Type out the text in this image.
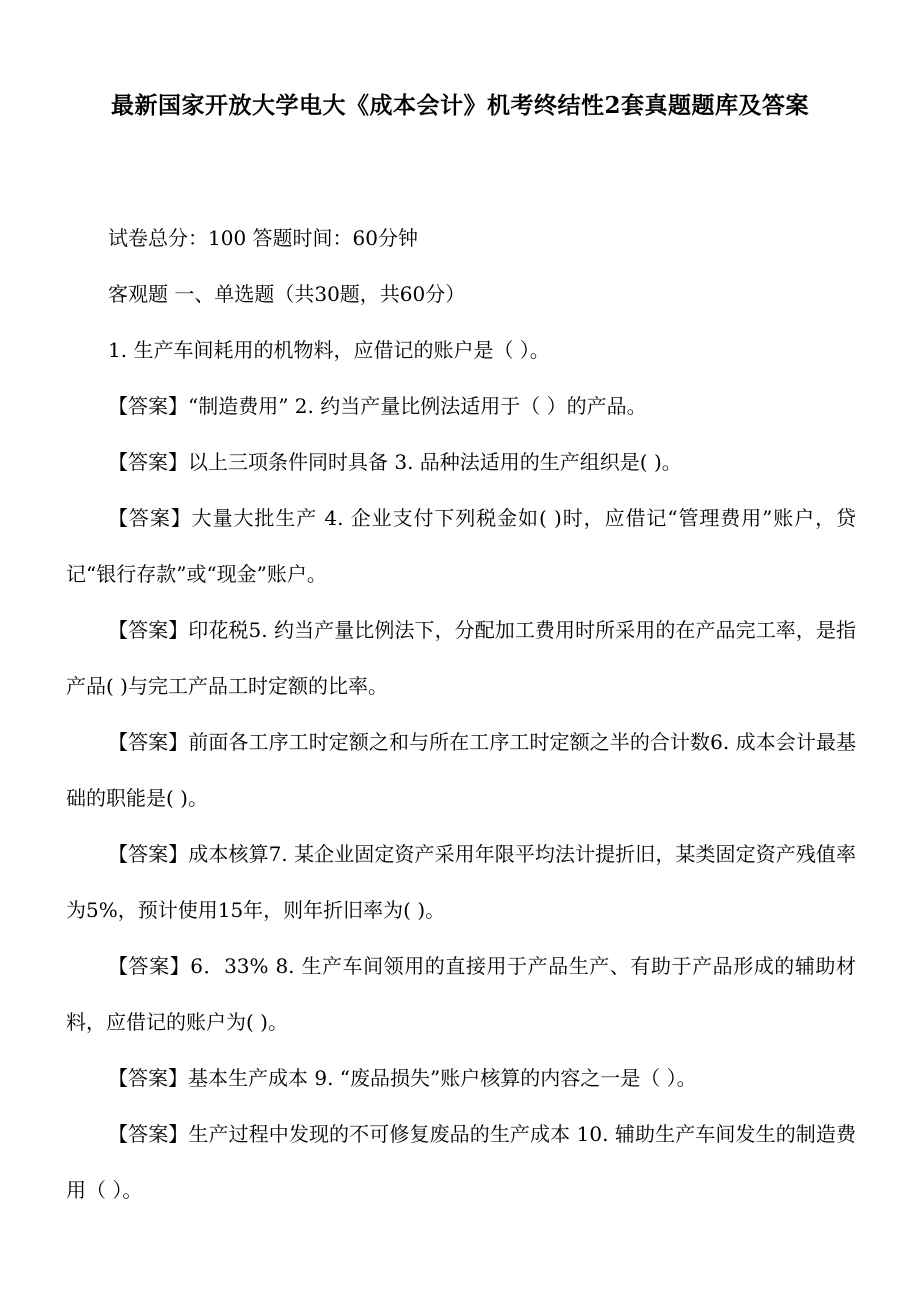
最新国家开放大学电大《成本会计》机考终结性2套真题题库及答案

试卷总分：100 答题时间：60分钟

客观题 一、单选题（共30题，共60分）

1. 生产车间耗用的机物料，应借记的账户是（ ）。

【答案】“制造费用” 2. 约当产量比例法适用于（ ）的产品。

【答案】以上三项条件同时具备 3. 品种法适用的生产组织是( )。

【答案】大量大批生产 4. 企业支付下列税金如( )时，应借记“管理费用”账户，贷记“银行存款”或“现金”账户。

【答案】印花税5. 约当产量比例法下，分配加工费用时所采用的在产品完工率，是指产品( )与完工产品工时定额的比率。

【答案】前面各工序工时定额之和与所在工序工时定额之半的合计数6. 成本会计最基础的职能是( )。

【答案】成本核算7. 某企业固定资产采用年限平均法计提折旧，某类固定资产残值率为5%，预计使用15年，则年折旧率为( )。

【答案】6．33% 8. 生产车间领用的直接用于产品生产、有助于产品形成的辅助材料，应借记的账户为( )。

【答案】基本生产成本 9. “废品损失”账户核算的内容之一是（ ）。

【答案】生产过程中发现的不可修复废品的生产成本 10. 辅助生产车间发生的制造费用（ ）。
